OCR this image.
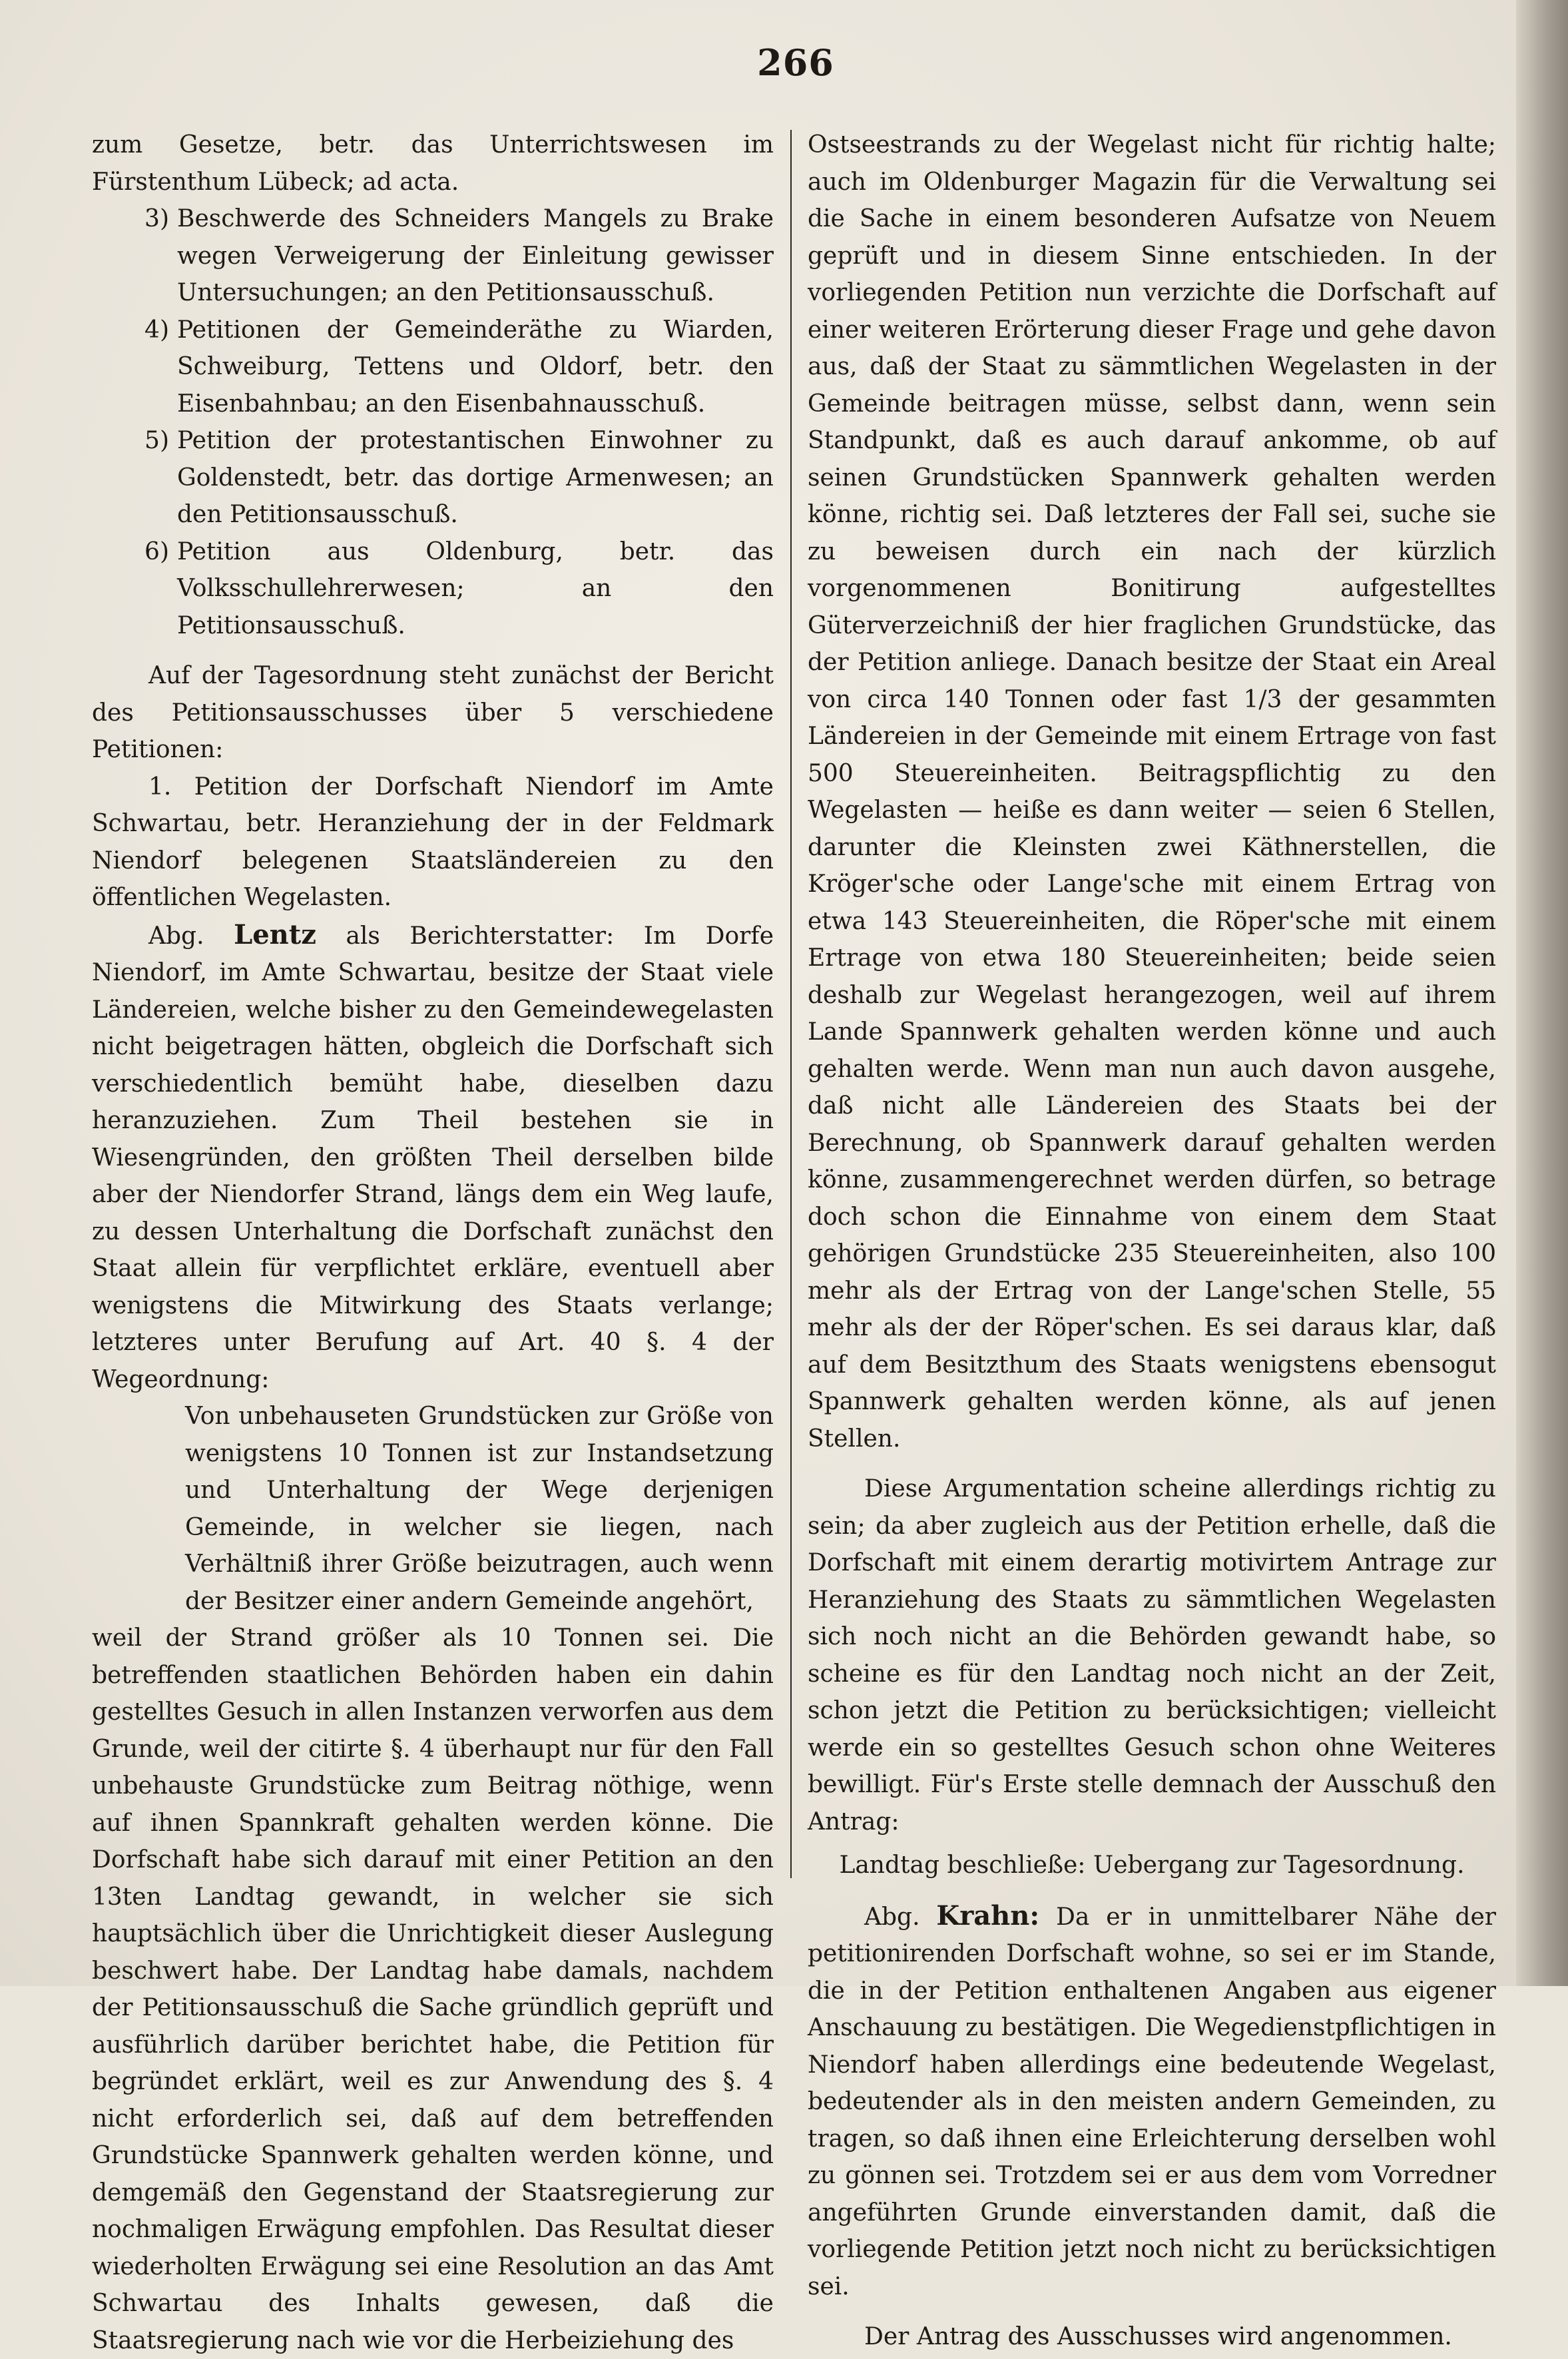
266

zum Gesetze, betr. das Unterrichtswesen im Fürstenthum Lübeck; ad acta.

3) Beschwerde des Schneiders Mangels zu Brake wegen Verweigerung der Einleitung gewisser Untersuchungen; an den Petitionsausschuß.
4) Petitionen der Gemeinderäthe zu Wiarden, Schweiburg, Tettens und Oldorf, betr. den Eisenbahnbau; an den Eisenbahnausschuß.
5) Petition der protestantischen Einwohner zu Goldenstedt, betr. das dortige Armenwesen; an den Petitionsausschuß.
6) Petition aus Oldenburg, betr. das Volksschullehrerwesen; an den Petitionsausschuß.

Auf der Tagesordnung steht zunächst der Bericht des Petitionsausschusses über 5 verschiedene Petitionen:

1. Petition der Dorfschaft Niendorf im Amte Schwartau, betr. Heranziehung der in der Feldmark Niendorf belegenen Staatsländereien zu den öffentlichen Wegelasten.

Abg. Lentz als Berichterstatter: Im Dorfe Niendorf, im Amte Schwartau, besitze der Staat viele Ländereien, welche bisher zu den Gemeindewegelasten nicht beigetragen hätten, obgleich die Dorfschaft sich verschiedentlich bemüht habe, dieselben dazu heranzuziehen. Zum Theil bestehen sie in Wiesengründen, den größten Theil derselben bilde aber der Niendorfer Strand, längs dem ein Weg laufe, zu dessen Unterhaltung die Dorfschaft zunächst den Staat allein für verpflichtet erkläre, eventuell aber wenigstens die Mitwirkung des Staats verlange; letzteres unter Berufung auf Art. 40 §. 4 der Wegeordnung:

Von unbehauseten Grundstücken zur Größe von wenigstens 10 Tonnen ist zur Instandsetzung und Unterhaltung der Wege derjenigen Gemeinde, in welcher sie liegen, nach Verhältniß ihrer Größe beizutragen, auch wenn der Besitzer einer andern Gemeinde angehört,

weil der Strand größer als 10 Tonnen sei. Die betreffenden staatlichen Behörden haben ein dahin gestelltes Gesuch in allen Instanzen verworfen aus dem Grunde, weil der citirte §. 4 überhaupt nur für den Fall unbehauste Grundstücke zum Beitrag nöthige, wenn auf ihnen Spannkraft gehalten werden könne. Die Dorfschaft habe sich darauf mit einer Petition an den 13ten Landtag gewandt, in welcher sie sich hauptsächlich über die Unrichtigkeit dieser Auslegung beschwert habe. Der Landtag habe damals, nachdem der Petitionsausschuß die Sache gründlich geprüft und ausführlich darüber berichtet habe, die Petition für begründet erklärt, weil es zur Anwendung des §. 4 nicht erforderlich sei, daß auf dem betreffenden Grundstücke Spannwerk gehalten werden könne, und demgemäß den Gegenstand der Staatsregierung zur nochmaligen Erwägung empfohlen. Das Resultat dieser wiederholten Erwägung sei eine Resolution an das Amt Schwartau des Inhalts gewesen, daß die Staatsregierung nach wie vor die Herbeiziehung des

Ostseestrands zu der Wegelast nicht für richtig halte; auch im Oldenburger Magazin für die Verwaltung sei die Sache in einem besonderen Aufsatze von Neuem geprüft und in diesem Sinne entschieden. In der vorliegenden Petition nun verzichte die Dorfschaft auf einer weiteren Erörterung dieser Frage und gehe davon aus, daß der Staat zu sämmtlichen Wegelasten in der Gemeinde beitragen müsse, selbst dann, wenn sein Standpunkt, daß es auch darauf ankomme, ob auf seinen Grundstücken Spannwerk gehalten werden könne, richtig sei. Daß letzteres der Fall sei, suche sie zu beweisen durch ein nach der kürzlich vorgenommenen Bonitirung aufgestelltes Güterverzeichniß der hier fraglichen Grundstücke, das der Petition anliege. Danach besitze der Staat ein Areal von circa 140 Tonnen oder fast 1/3 der gesammten Ländereien in der Gemeinde mit einem Ertrage von fast 500 Steuereinheiten. Beitragspflichtig zu den Wegelasten — heiße es dann weiter — seien 6 Stellen, darunter die Kleinsten zwei Käthnerstellen, die Kröger'sche oder Lange'sche mit einem Ertrag von etwa 143 Steuereinheiten, die Röper'sche mit einem Ertrage von etwa 180 Steuereinheiten; beide seien deshalb zur Wegelast herangezogen, weil auf ihrem Lande Spannwerk gehalten werden könne und auch gehalten werde. Wenn man nun auch davon ausgehe, daß nicht alle Ländereien des Staats bei der Berechnung, ob Spannwerk darauf gehalten werden könne, zusammengerechnet werden dürfen, so betrage doch schon die Einnahme von einem dem Staat gehörigen Grundstücke 235 Steuereinheiten, also 100 mehr als der Ertrag von der Lange'schen Stelle, 55 mehr als der der Röper'schen. Es sei daraus klar, daß auf dem Besitzthum des Staats wenigstens ebensogut Spannwerk gehalten werden könne, als auf jenen Stellen.

Diese Argumentation scheine allerdings richtig zu sein; da aber zugleich aus der Petition erhelle, daß die Dorfschaft mit einem derartig motivirtem Antrage zur Heranziehung des Staats zu sämmtlichen Wegelasten sich noch nicht an die Behörden gewandt habe, so scheine es für den Landtag noch nicht an der Zeit, schon jetzt die Petition zu berücksichtigen; vielleicht werde ein so gestelltes Gesuch schon ohne Weiteres bewilligt. Für's Erste stelle demnach der Ausschuß den Antrag:

Landtag beschließe: Uebergang zur Tagesordnung.

Abg. Krahn: Da er in unmittelbarer Nähe der petitionirenden Dorfschaft wohne, so sei er im Stande, die in der Petition enthaltenen Angaben aus eigener Anschauung zu bestätigen. Die Wegedienstpflichtigen in Niendorf haben allerdings eine bedeutende Wegelast, bedeutender als in den meisten andern Gemeinden, zu tragen, so daß ihnen eine Erleichterung derselben wohl zu gönnen sei. Trotzdem sei er aus dem vom Vorredner angeführten Grunde einverstanden damit, daß die vorliegende Petition jetzt noch nicht zu berücksichtigen sei.

Der Antrag des Ausschusses wird angenommen.
